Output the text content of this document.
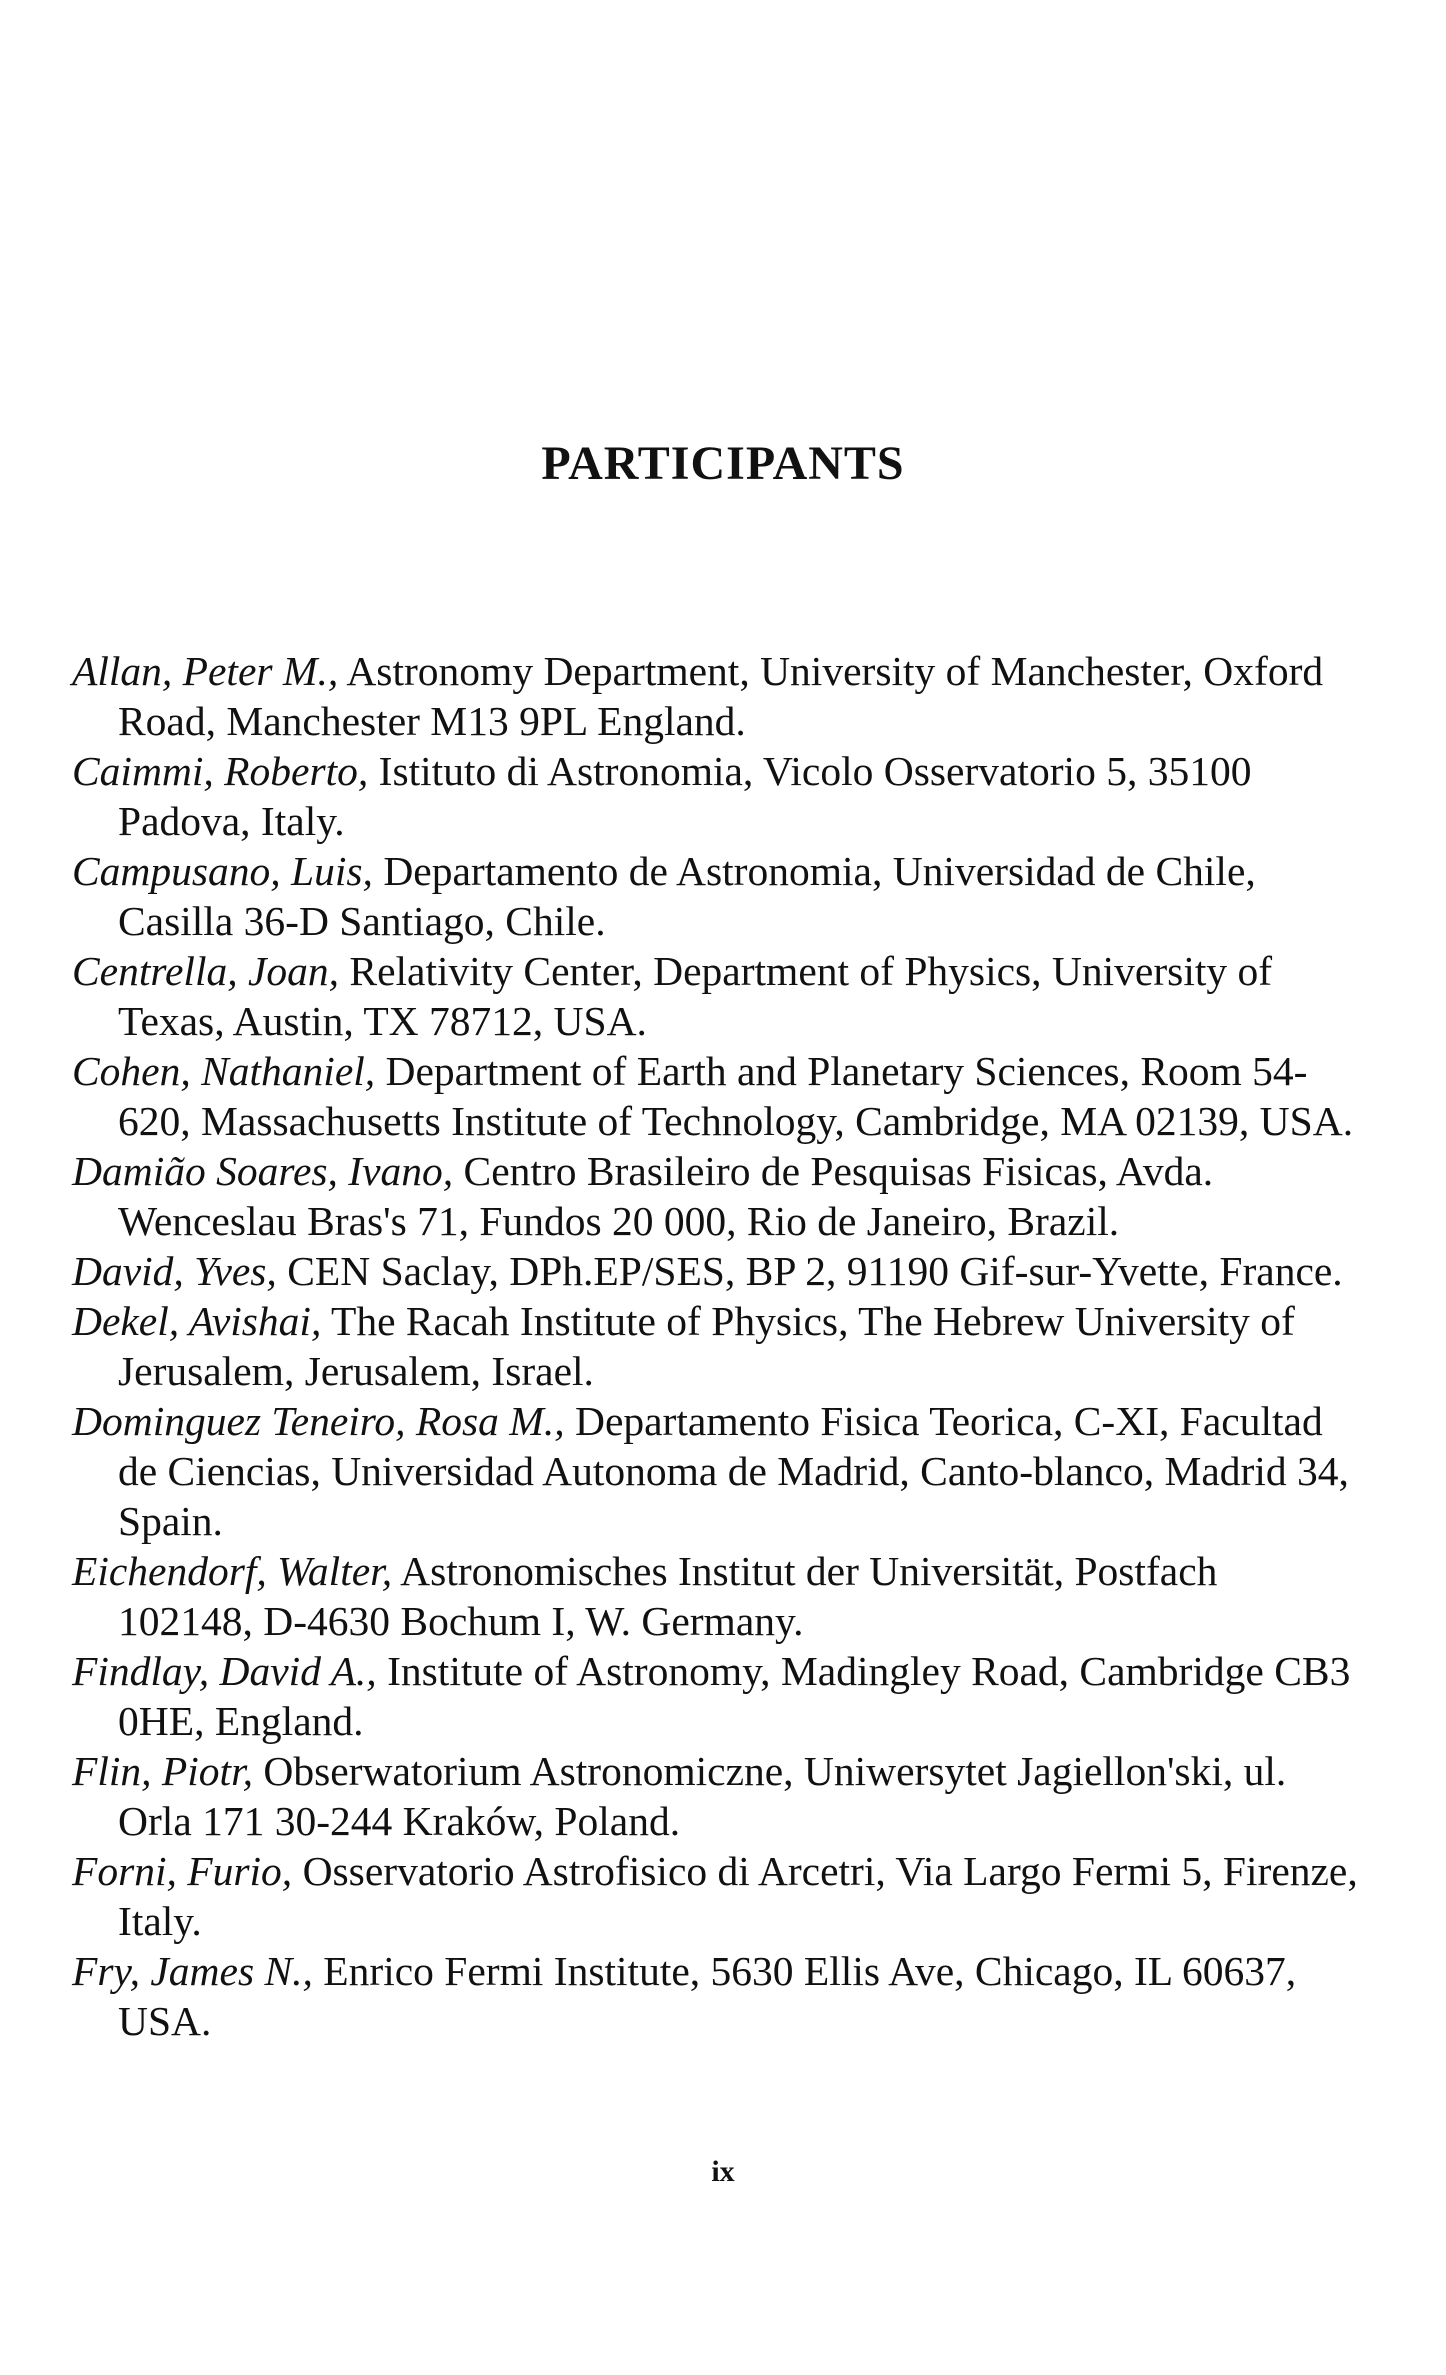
PARTICIPANTS
Allan, Peter M., Astronomy Department, University of Manchester, Oxford Road, Manchester M13 9PL England.
Caimmi, Roberto, Istituto di Astronomia, Vicolo Osservatorio 5, 35100 Padova, Italy.
Campusano, Luis, Departamento de Astronomia, Universidad de Chile, Casilla 36-D Santiago, Chile.
Centrella, Joan, Relativity Center, Department of Physics, University of Texas, Austin, TX 78712, USA.
Cohen, Nathaniel, Department of Earth and Planetary Sciences, Room 54-620, Massachusetts Institute of Technology, Cambridge, MA 02139, USA.
Damião Soares, Ivano, Centro Brasileiro de Pesquisas Fisicas, Avda. Wenceslau Bras's 71, Fundos 20 000, Rio de Janeiro, Brazil.
David, Yves, CEN Saclay, DPh.EP/SES, BP 2, 91190 Gif-sur-Yvette, France.
Dekel, Avishai, The Racah Institute of Physics, The Hebrew University of Jerusalem, Jerusalem, Israel.
Dominguez Teneiro, Rosa M., Departamento Fisica Teorica, C-XI, Facultad de Ciencias, Universidad Autonoma de Madrid, Canto-blanco, Madrid 34, Spain.
Eichendorf, Walter, Astronomisches Institut der Universität, Postfach 102148, D-4630 Bochum I, W. Germany.
Findlay, David A., Institute of Astronomy, Madingley Road, Cambridge CB3 0HE, England.
Flin, Piotr, Obserwatorium Astronomiczne, Uniwersytet Jagiellon'ski, ul. Orla 171 30-244 Kraków, Poland.
Forni, Furio, Osservatorio Astrofisico di Arcetri, Via Largo Fermi 5, Firenze, Italy.
Fry, James N., Enrico Fermi Institute, 5630 Ellis Ave, Chicago, IL 60637, USA.

ix
